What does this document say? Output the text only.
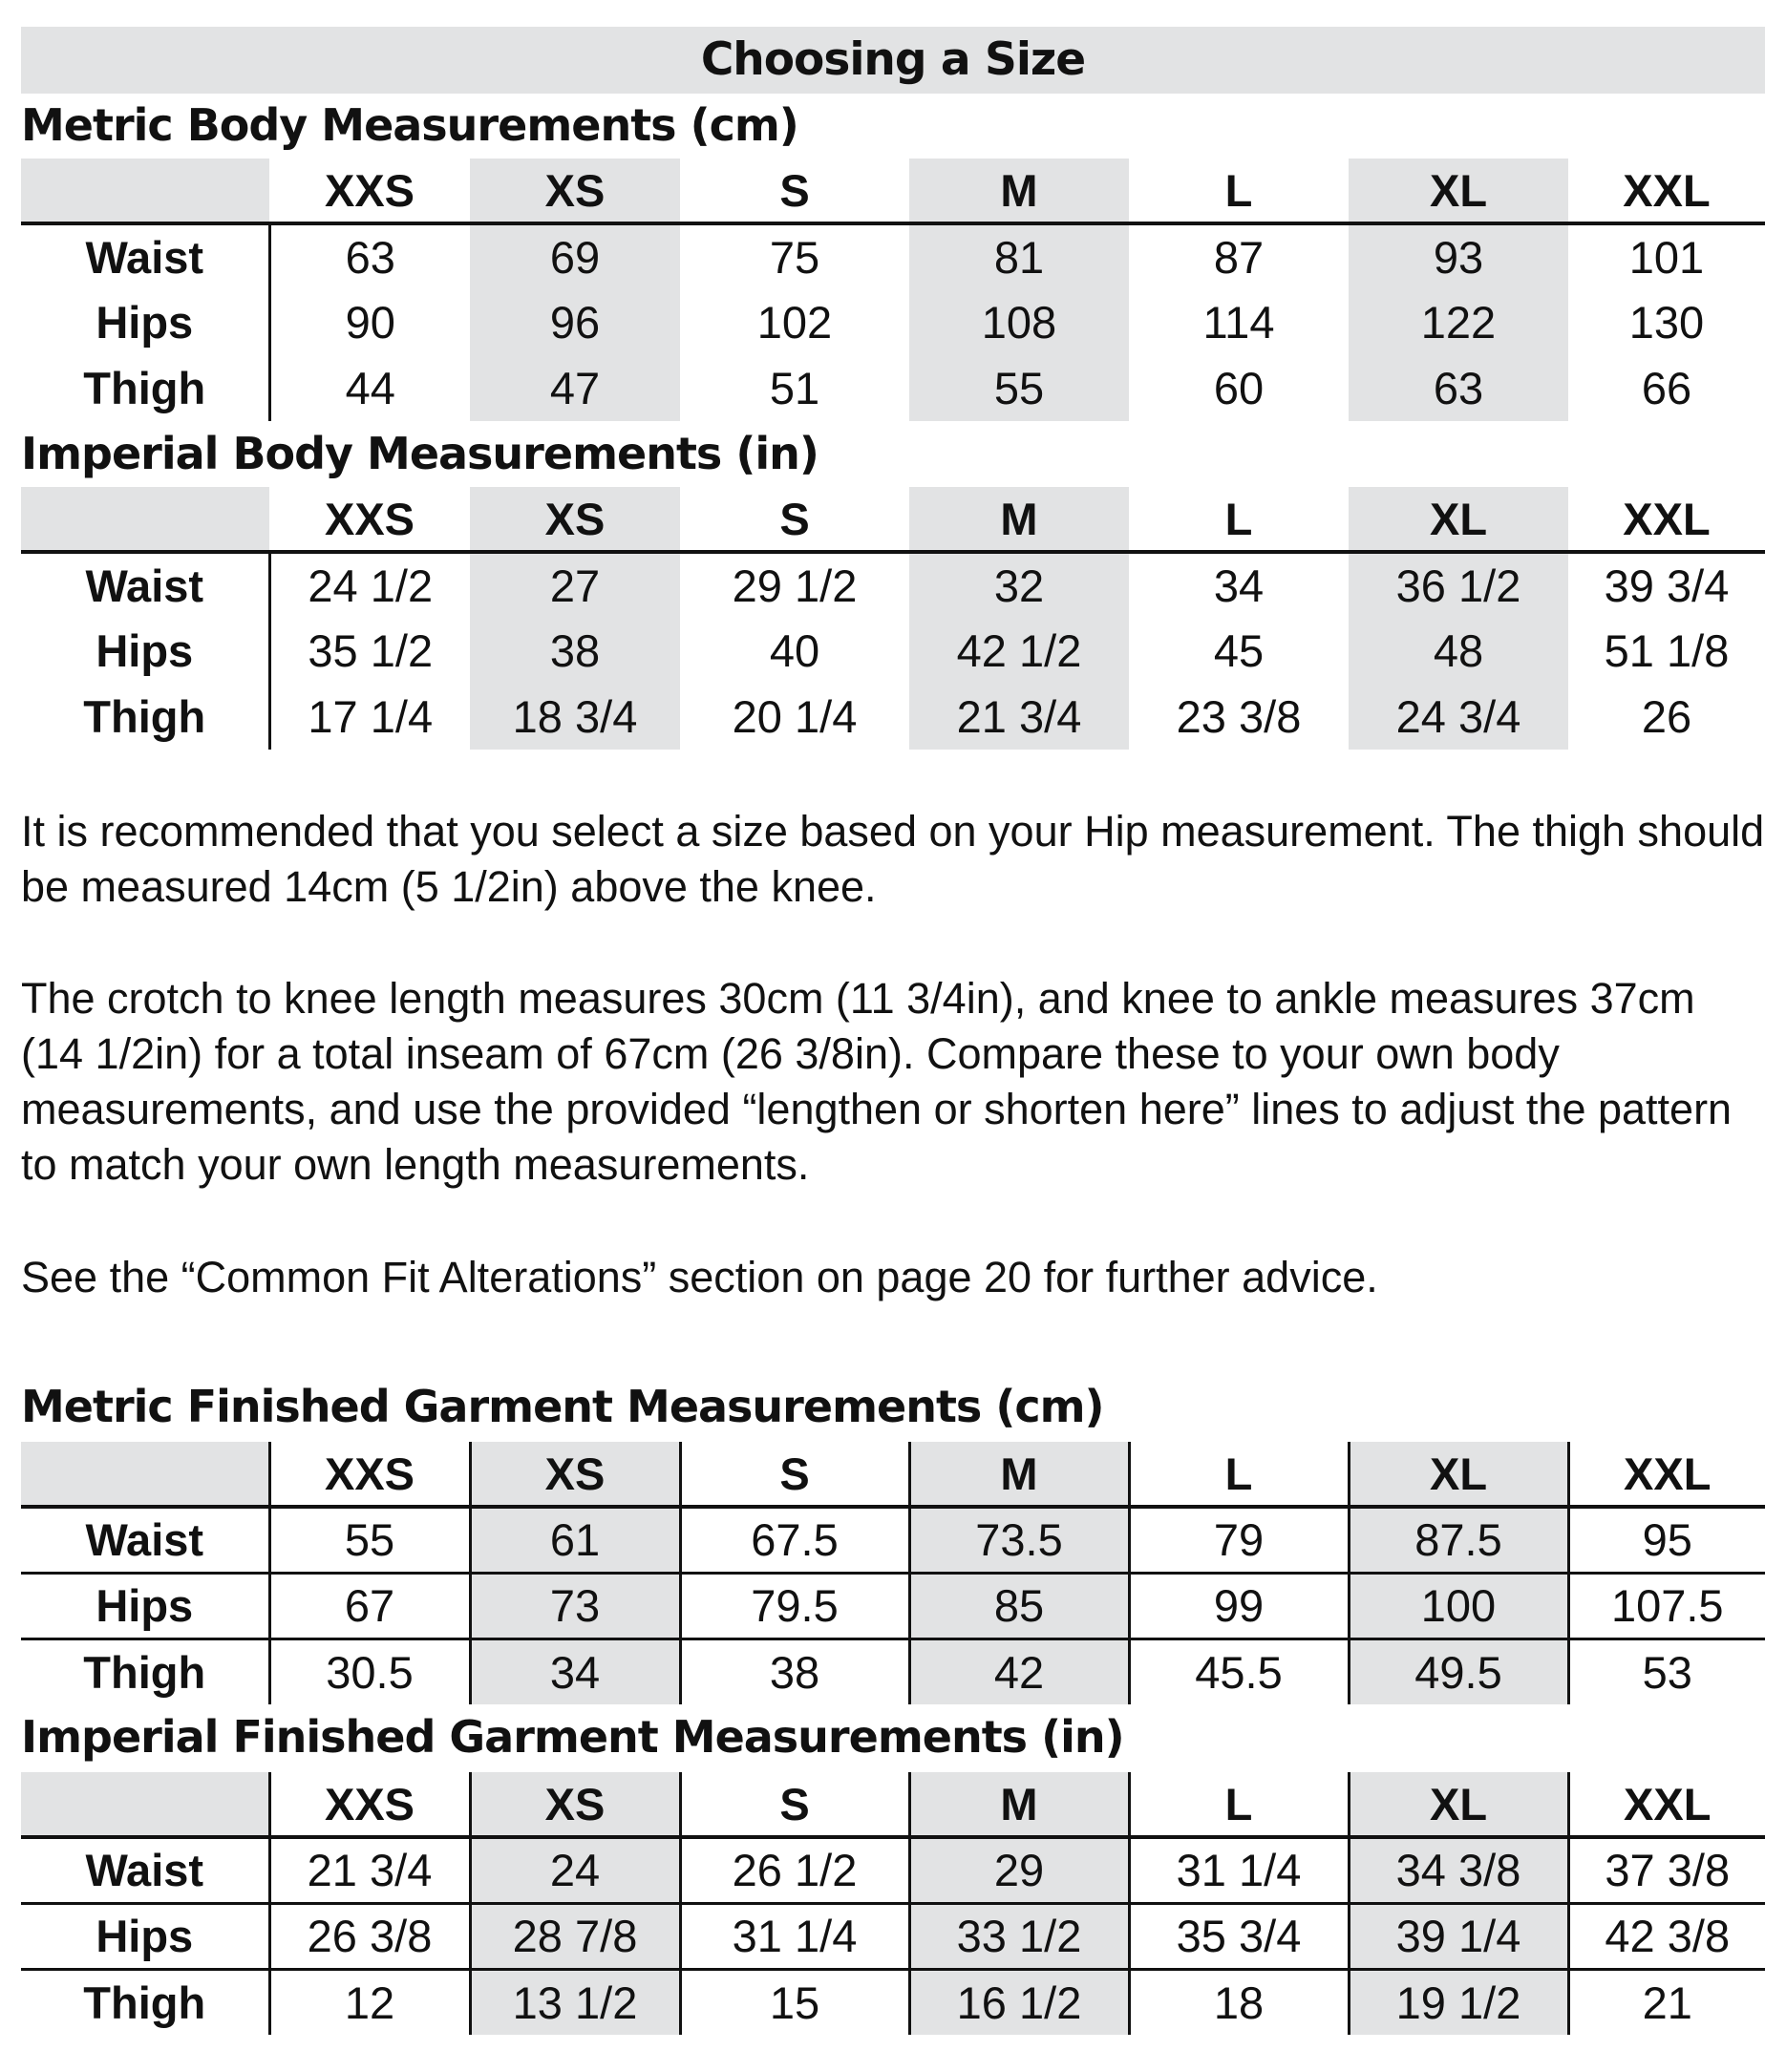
Choosing a Size
Metric Body Measurements (cm)
	XXS	XS	S	M	L	XL	XXL
Waist	63	69	75	81	87	93	101
Hips	90	96	102	108	114	122	130
Thigh	44	47	51	55	60	63	66
Imperial Body Measurements (in)
	XXS	XS	S	M	L	XL	XXL
Waist	24 1/2	27	29 1/2	32	34	36 1/2	39 3/4
Hips	35 1/2	38	40	42 1/2	45	48	51 1/8
Thigh	17 1/4	18 3/4	20 1/4	21 3/4	23 3/8	24 3/4	26

It is recommended that you select a size based on your Hip measurement. The thigh should be measured 14cm (5 1/2in) above the knee.

The crotch to knee length measures 30cm (11 3/4in), and knee to ankle measures 37cm (14 1/2in) for a total inseam of 67cm (26 3/8in). Compare these to your own body measurements, and use the provided “lengthen or shorten here” lines to adjust the pattern to match your own length measurements.

See the “Common Fit Alterations” section on page 20 for further advice.

Metric Finished Garment Measurements (cm)
	XXS	XS	S	M	L	XL	XXL
Waist	55	61	67.5	73.5	79	87.5	95
Hips	67	73	79.5	85	99	100	107.5
Thigh	30.5	34	38	42	45.5	49.5	53
Imperial Finished Garment Measurements (in)
	XXS	XS	S	M	L	XL	XXL
Waist	21 3/4	24	26 1/2	29	31 1/4	34 3/8	37 3/8
Hips	26 3/8	28 7/8	31 1/4	33 1/2	35 3/4	39 1/4	42 3/8
Thigh	12	13 1/2	15	16 1/2	18	19 1/2	21
